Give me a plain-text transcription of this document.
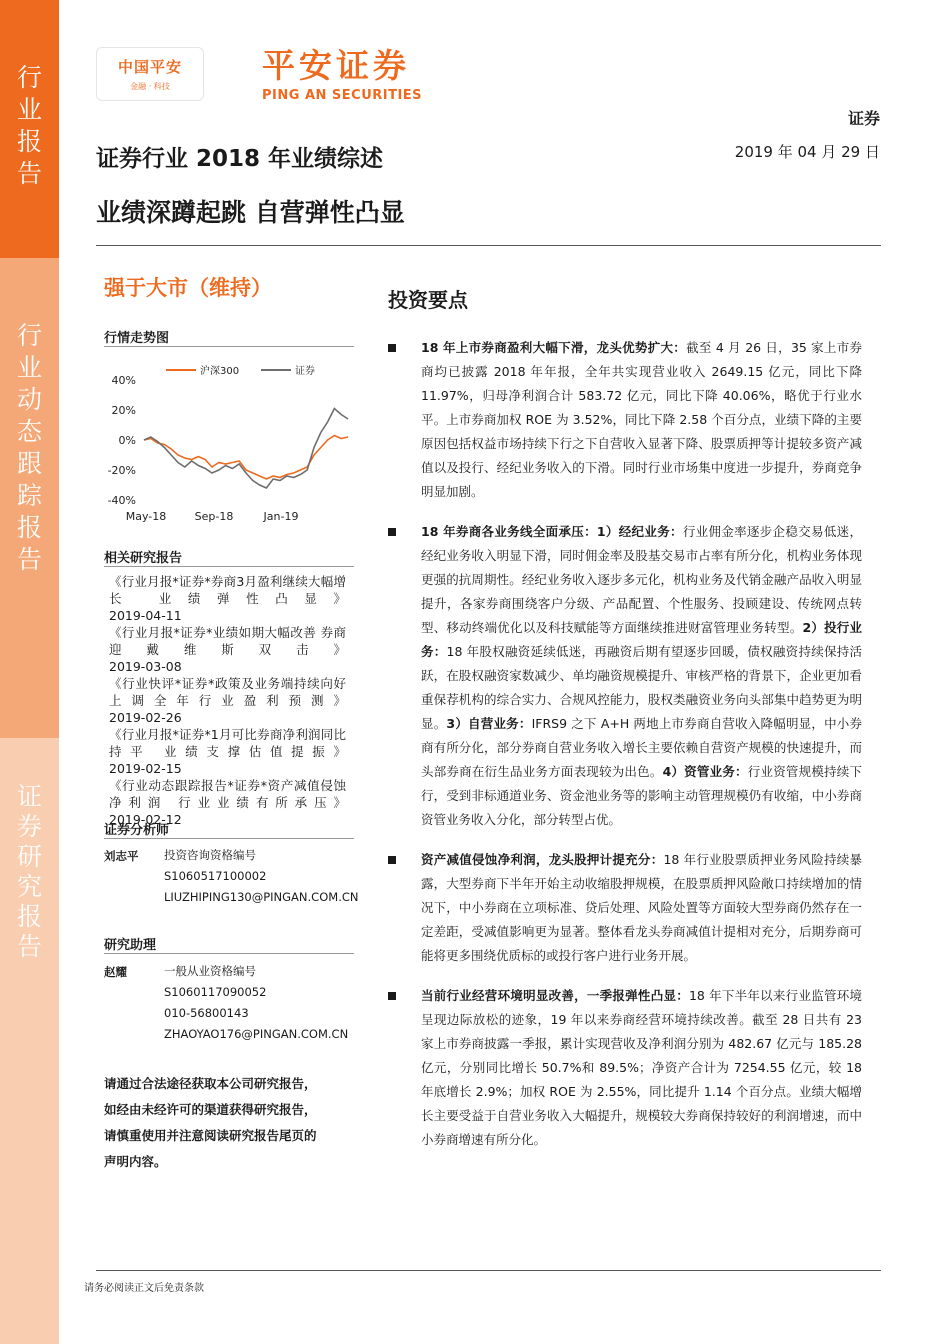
行
业
报
告
行
业
动
态
跟
踪
报
告
证
券
研
究
报
告
中国平安
金融 · 科技
平安证券
PING AN SECURITIES
证券
2019 年 04 月 29 日
证券行业 2018 年业绩综述
业绩深蹲起跳 自营弹性凸显
强于大市（维持）	投资要点
行情走势图
40%
20%
0%
-20%
-40%
May-18	Sep-18	Jan-19
沪深300	证券
相关研究报告
《行业月报*证券*券商3月盈利继续大幅增长 业绩弹性凸显》
2019-04-11
《行业月报*证券*业绩如期大幅改善 券商迎戴维斯双击》
2019-03-08
《行业快评*证券*政策及业务端持续向好 上调全年行业盈利预测》
2019-02-26
《行业月报*证券*1月可比券商净利润同比持平 业绩支撑估值提振》
2019-02-15
《行业动态跟踪报告*证券*资产减值侵蚀净利润 行业业绩有所承压》
2019-02-12
证券分析师
刘志平 投资咨询资格编号
S1060517100002
LIUZHIPING130@PINGAN.COM.CN
研究助理
赵耀	一般从业资格编号
S1060117090052
010-56800143
ZHAOYAO176@PINGAN.COM.CN
请通过合法途径获取本公司研究报告，如经由未经许可的渠道获得研究报告，请慎重使用并注意阅读研究报告尾页的声明内容。
18 年上市券商盈利大幅下滑，龙头优势扩大：截至 4 月 26 日，35 家上市券商均已披露 2018 年年报，全年共实现营业收入 2649.15 亿元，同比下降 11.97%，归母净利润合计 583.72 亿元，同比下降 40.06%，略优于行业水平。上市券商加权 ROE 为 3.52%，同比下降 2.58 个百分点，业绩下降的主要原因包括权益市场持续下行之下自营收入显著下降、股票质押等计提较多资产减值以及投行、经纪业务收入的下滑。同时行业市场集中度进一步提升，券商竞争明显加剧。
18 年券商各业务线全面承压：1）经纪业务：行业佣金率逐步企稳交易低迷，经纪业务收入明显下滑，同时佣金率及股基交易市占率有所分化，机构业务体现更强的抗周期性。经纪业务收入逐步多元化，机构业务及代销金融产品收入明显提升，各家券商围绕客户分级、产品配置、个性服务、投顾建设、传统网点转型、移动终端优化以及科技赋能等方面继续推进财富管理业务转型。2）投行业务：18 年股权融资延续低迷，再融资后期有望逐步回暖，债权融资持续保持活跃，在股权融资家数减少、单均融资规模提升、审核严格的背景下，企业更加看重保荐机构的综合实力、合规风控能力，股权类融资业务向头部集中趋势更为明显。3）自营业务：IFRS9 之下 A+H 两地上市券商自营收入降幅明显，中小券商有所分化，部分券商自营业务收入增长主要依赖自营资产规模的快速提升，而头部券商在衍生品业务方面表现较为出色。4）资管业务：行业资管规模持续下行，受到非标通道业务、资金池业务等的影响主动管理规模仍有收缩，中小券商资管业务收入分化，部分转型占优。
资产减值侵蚀净利润，龙头股押计提充分：18 年行业股票质押业务风险持续暴露，大型券商下半年开始主动收缩股押规模，在股票质押风险敞口持续增加的情况下，中小券商在立项标准、贷后处理、风险处置等方面较大型券商仍然存在一定差距，受减值影响更为显著。整体看龙头券商减值计提相对充分，后期券商可能将更多围绕优质标的或投行客户进行业务开展。
当前行业经营环境明显改善，一季报弹性凸显：18 年下半年以来行业监管环境呈现边际放松的迹象，19 年以来券商经营环境持续改善。截至 28 日共有 23 家上市券商披露一季报，累计实现营收及净利润分别为 482.67 亿元与 185.28 亿元，分别同比增长 50.7%和 89.5%；净资产合计为 7254.55 亿元，较 18 年底增长 2.9%；加权 ROE 为 2.55%，同比提升 1.14 个百分点。业绩大幅增长主要受益于自营业务收入大幅提升，规模较大券商保持较好的利润增速，而中小券商增速有所分化。
请务必阅读正文后免责条款
